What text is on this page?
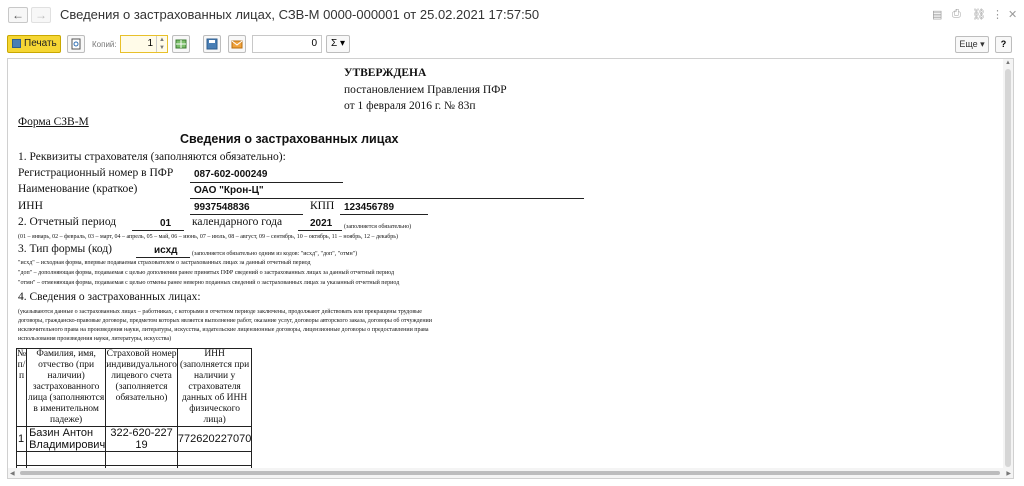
← →	Сведения о застрахованных лицах, СЗВ-М 0000-000001 от 25.02.2021 17:57:50	▤ ⎙ ⛓ ⋮ ✕
Печать	Копий:	1	▲
▼	0	Σ ▾	Еще ▾	?
УТВЕРЖДЕНА
постановлением Правления ПФР
от 1 февраля 2016 г. № 83п
Форма СЗВ-М
Сведения о застрахованных лицах
1. Реквизиты страхователя (заполняются обязательно):
Регистрационный номер в ПФР 087-602-000249
Наименование (краткое)	ОАО "Крон-Ц"
ИНН	9937548836	КПП 123456789
2. Отчетный период	01 календарного года	2021 (заполняется обязательно)
(01 – январь, 02 – февраль, 03 – март, 04 – апрель, 05 – май, 06 – июнь, 07 – июль, 08 – август, 09 – сентябрь, 10 – октябрь, 11 – ноябрь, 12 – декабрь)
3. Тип формы (код)	исхд (заполняется обязательно одним из кодов: "исхд", "доп", "отмн")
"исхд" – исходная форма, впервые подаваемая страхователем о застрахованных лицах за данный отчетный период
"доп" – дополняющая форма, подаваемая с целью дополнения ранее принятых ПФР сведений о застрахованных лицах за данный отчетный период
"отмн" – отменяющая форма, подаваемая с целью отмены ранее неверно поданных сведений о застрахованных лицах за указанный отчетный период
4. Сведения о застрахованных лицах:
(указываются данные о застрахованных лицах – работниках, с которыми в отчетном периоде заключены, продолжают действовать или прекращены трудовые
договоры, гражданско-правовые договоры, предметом которых является выполнение работ, оказание услуг, договоры авторского заказа, договоры об отчуждении
исключительного права на произведения науки, литературы, искусства, издательские лицензионные договоры, лицензионные договоры о предоставлении права
использования произведения науки, литературы, искусства)
№ п/п	Фамилия, имя, отчество (при наличии) застрахованного лица (заполняются в именительном падеже)	Страховой номер индивидуального лицевого счета (заполняется обязательно)	ИНН (заполняется при наличии у страхователя данных об ИНН физического лица)
1	Базин Антон Владимирович	322-620-227 19	772620227070

▲
◀	▶
